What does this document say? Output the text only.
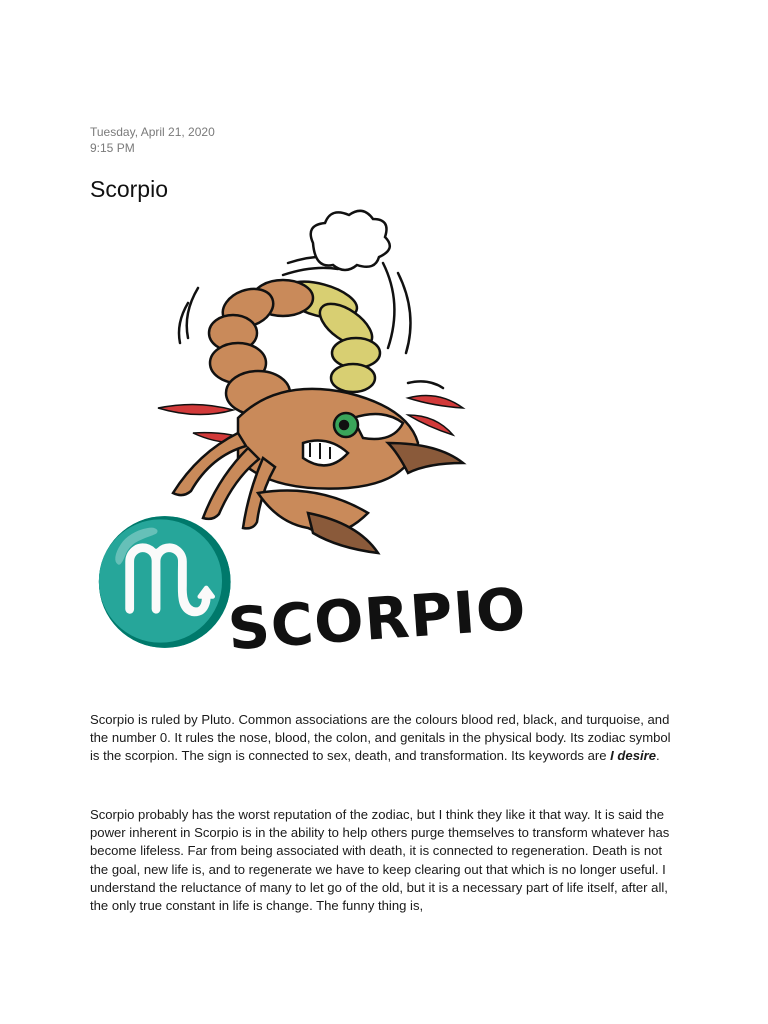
Tuesday, April 21, 2020
9:15 PM
Scorpio
♏
SCORPIO

Scorpio is ruled by Pluto. Common associations are the colours blood red, black, and turquoise, and the number 0. It rules the nose, blood, the colon, and genitals in the physical body. Its zodiac symbol is the scorpion. The sign is connected to sex, death, and transformation. Its keywords are I desire.

Scorpio probably has the worst reputation of the zodiac, but I think they like it that way. It is said the power inherent in Scorpio is in the ability to help others purge themselves to transform whatever has become lifeless. Far from being associated with death, it is connected to regeneration. Death is not the goal, new life is, and to regenerate we have to keep clearing out that which is no longer useful. I understand the reluctance of many to let go of the old, but it is a necessary part of life itself, after all, the only true constant in life is change. The funny thing is,
